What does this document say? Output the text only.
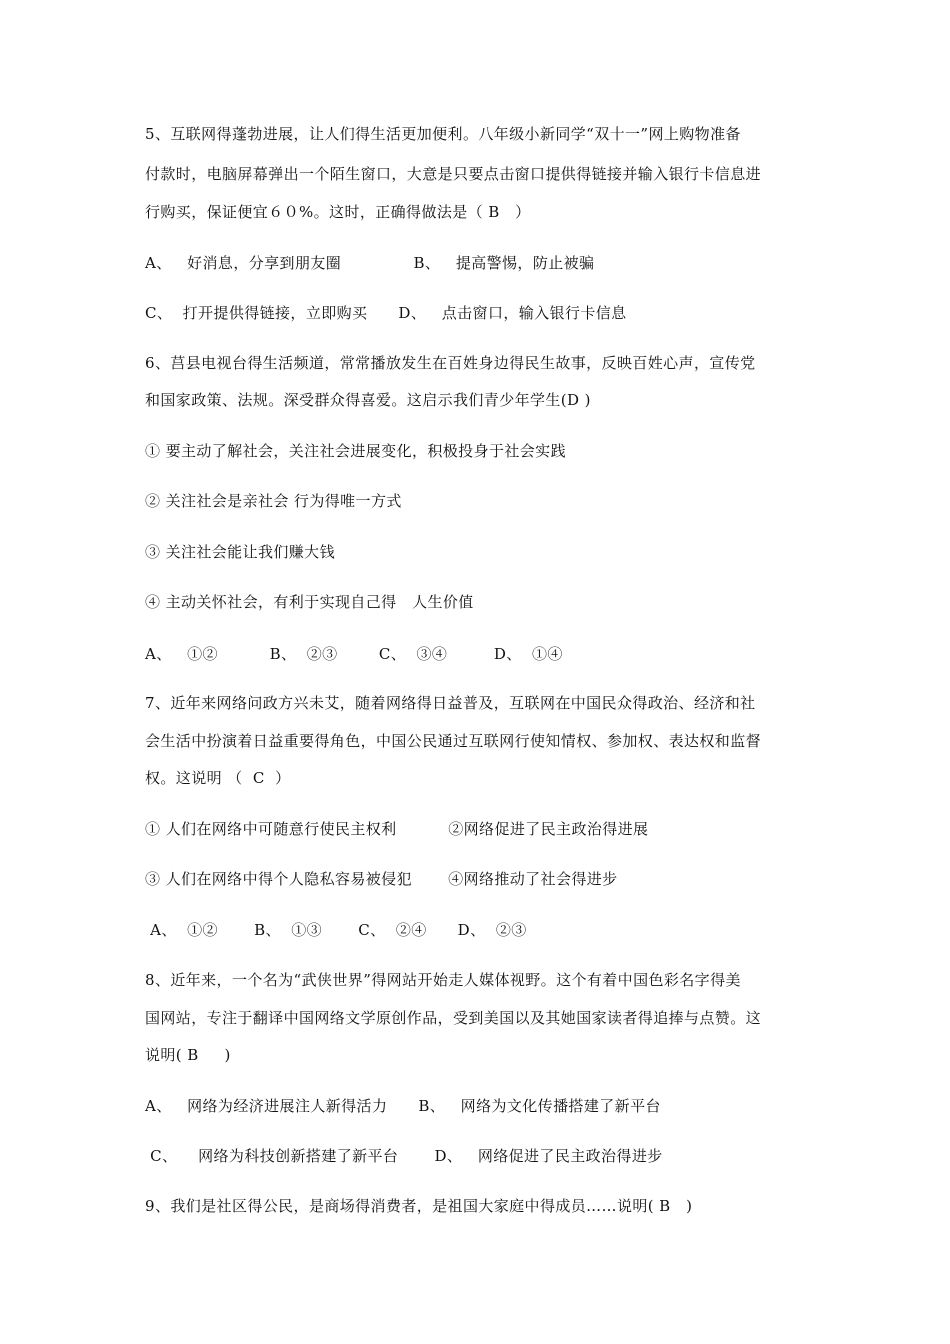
5、互联网得蓬勃进展，让人们得生活更加便利。八年级小新同学“双十一”网上购物准备
付款时，电脑屏幕弹出一个陌生窗口，大意是只要点击窗口提供得链接并输入银行卡信息进
行购买，保证便宜６０%。这时，正确得做法是（ B   ）
A、   好消息，分享到朋友圈              B、   提高警惕，防止被骗
C、  打开提供得链接，立即购买      D、   点击窗口，输入银行卡信息
6、莒县电视台得生活频道，常常播放发生在百姓身边得民生故事，反映百姓心声，宣传党
和国家政策、法规。深受群众得喜爱。这启示我们青少年学生(D )
① 要主动了解社会，关注社会进展变化，积极投身于社会实践
② 关注社会是亲社会 行为得唯一方式
③ 关注社会能让我们赚大钱
④ 主动关怀社会，有利于实现自己得   人生价值
A、   ①②          B、  ②③        C、  ③④         D、  ①④
7、近年来网络问政方兴未艾，随着网络得日益普及，互联网在中国民众得政治、经济和社
会生活中扮演着日益重要得角色，中国公民通过互联网行使知情权、参加权、表达权和监督
权。这说明 （  C  ）
① 人们在网络中可随意行使民主权利          ②网络促进了民主政治得进展
③ 人们在网络中得个人隐私容易被侵犯       ④网络推动了社会得进步
A、  ①②       B、  ①③       C、  ②④      D、  ②③
8、近年来，一个名为“武侠世界”得网站开始走人媒体视野。这个有着中国色彩名字得美
国网站，专注于翻译中国网络文学原创作品，受到美国以及其她国家读者得追捧与点赞。这
说明( B     )
A、   网络为经济进展注人新得活力      B、   网络为文化传播搭建了新平台
C、    网络为科技创新搭建了新平台       D、   网络促进了民主政治得进步
9、我们是社区得公民，是商场得消费者，是祖国大家庭中得成员……说明( B   )
